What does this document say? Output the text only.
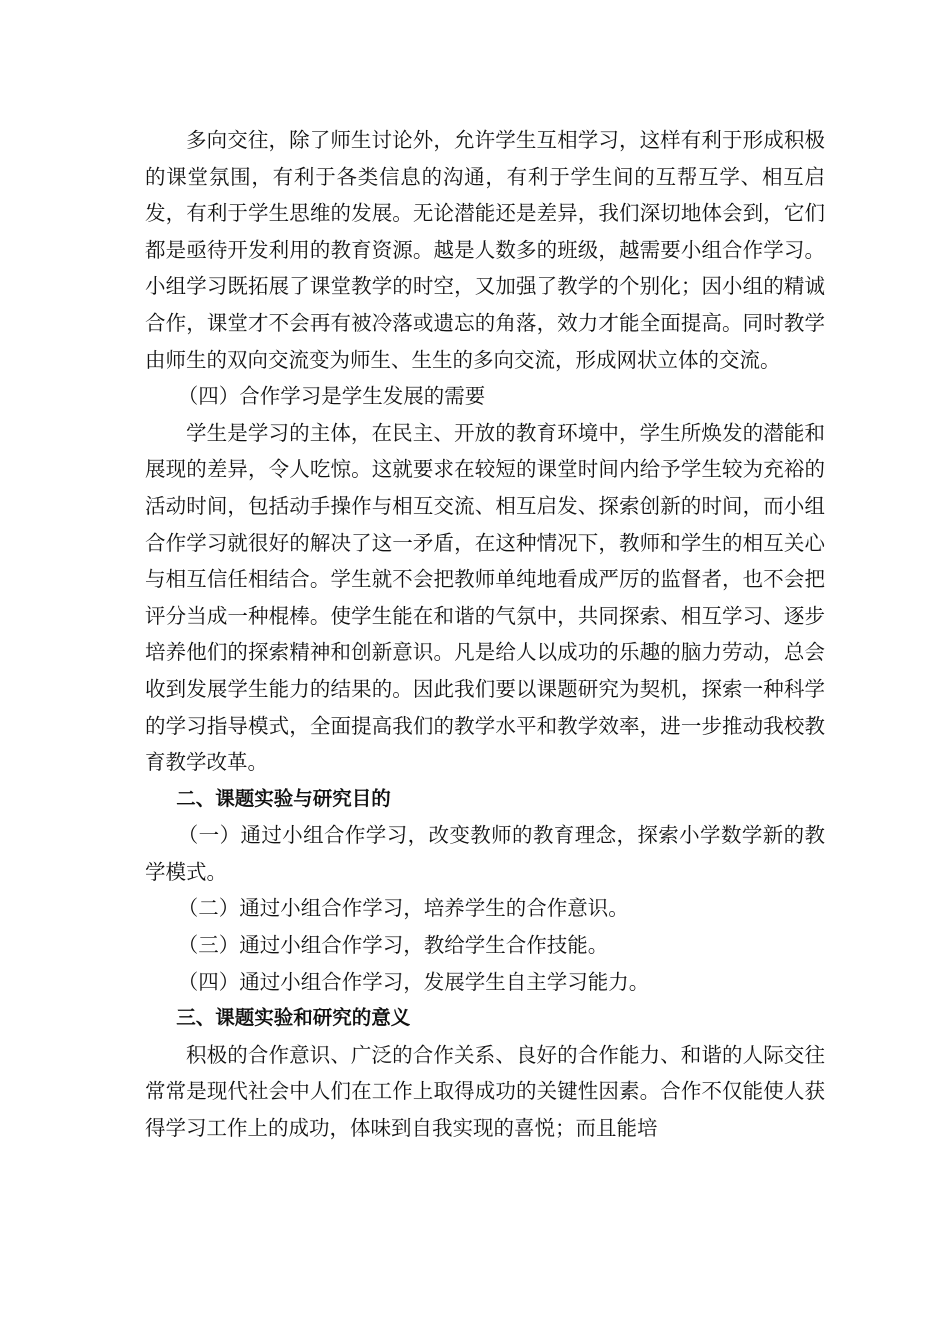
多向交往，除了师生讨论外，允许学生互相学习，这样有利于形成积极的课堂氛围，有利于各类信息的沟通，有利于学生间的互帮互学、相互启发，有利于学生思维的发展。无论潜能还是差异，我们深切地体会到，它们都是亟待开发利用的教育资源。越是人数多的班级，越需要小组合作学习。小组学习既拓展了课堂教学的时空，又加强了教学的个别化；因小组的精诚合作，课堂才不会再有被冷落或遗忘的角落，效力才能全面提高。同时教学由师生的双向交流变为师生、生生的多向交流，形成网状立体的交流。

（四）合作学习是学生发展的需要

学生是学习的主体，在民主、开放的教育环境中，学生所焕发的潜能和展现的差异，令人吃惊。这就要求在较短的课堂时间内给予学生较为充裕的活动时间，包括动手操作与相互交流、相互启发、探索创新的时间，而小组合作学习就很好的解决了这一矛盾，在这种情况下，教师和学生的相互关心与相互信任相结合。学生就不会把教师单纯地看成严厉的监督者，也不会把评分当成一种棍棒。使学生能在和谐的气氛中，共同探索、相互学习、逐步培养他们的探索精神和创新意识。凡是给人以成功的乐趣的脑力劳动，总会收到发展学生能力的结果的。因此我们要以课题研究为契机，探索一种科学的学习指导模式，全面提高我们的教学水平和教学效率，进一步推动我校教育教学改革。

二、课题实验与研究目的

（一）通过小组合作学习，改变教师的教育理念，探索小学数学新的教学模式。

（二）通过小组合作学习，培养学生的合作意识。

（三）通过小组合作学习，教给学生合作技能。

（四）通过小组合作学习，发展学生自主学习能力。

三、课题实验和研究的意义

积极的合作意识、广泛的合作关系、良好的合作能力、和谐的人际交往常常是现代社会中人们在工作上取得成功的关键性因素。合作不仅能使人获得学习工作上的成功，体味到自我实现的喜悦；而且能培
